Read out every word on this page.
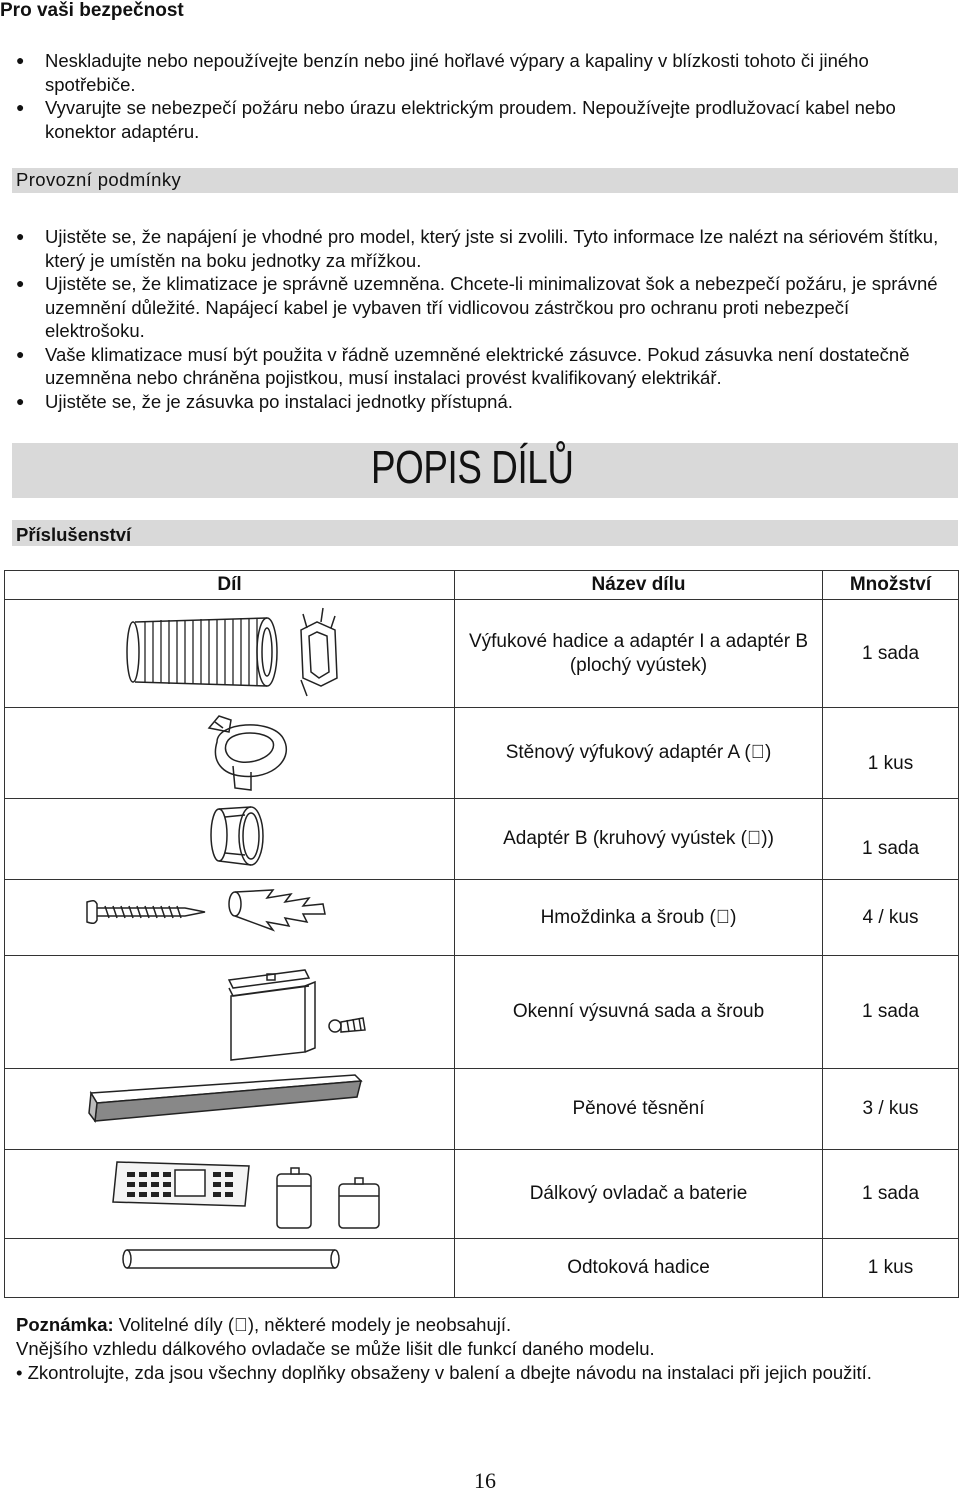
Pro vaši bezpečnost
● Neskladujte nebo nepoužívejte benzín nebo jiné hořlavé výpary a kapaliny v blízkosti tohoto či jiného spotřebiče.
● Vyvarujte se nebezpečí požáru nebo úrazu elektrickým proudem. Nepoužívejte prodlužovací kabel nebo konektor adaptéru.
Provozní podmínky
● Ujistěte se, že napájení je vhodné pro model, který jste si zvolili. Tyto informace lze nalézt na sériovém štítku, který je umístěn na boku jednotky za mřížkou.
● Ujistěte se, že klimatizace je správně uzemněna. Chcete-li minimalizovat šok a nebezpečí požáru, je správné uzemnění důležité. Napájecí kabel je vybaven tří vidlicovou zástrčkou pro ochranu proti nebezpečí elektrošoku.
● Vaše klimatizace musí být použita v řádně uzemněné elektrické zásuvce. Pokud zásuvka není dostatečně uzemněna nebo chráněna pojistkou, musí instalaci provést kvalifikovaný elektrikář.
● Ujistěte se, že je zásuvka po instalaci jednotky přístupná.
POPIS DÍLŮ
Příslušenství
Díl	Název dílu	Množství

	Výfukové hadice a adaptér I a adaptér B (plochý vyústek)	1 sada

	Stěnový výfukový adaptér A ( )	1 kus

	Adaptér B (kruhový vyústek ( ))	1 sada

	Hmoždinka a šroub ( )	4 / kus

	Okenní výsuvná sada a šroub	1 sada

	Pěnové těsnění	3 / kus

	Dálkový ovladač a baterie	1 sada

	Odtoková hadice	1 kus
Poznámka: Volitelné díly ( ), některé modely je neobsahují.
Vnějšího vzhledu dálkového ovladače se může lišit dle funkcí daného modelu.
• Zkontrolujte, zda jsou všechny doplňky obsaženy v balení a dbejte návodu na instalaci při jejich použití.
16
